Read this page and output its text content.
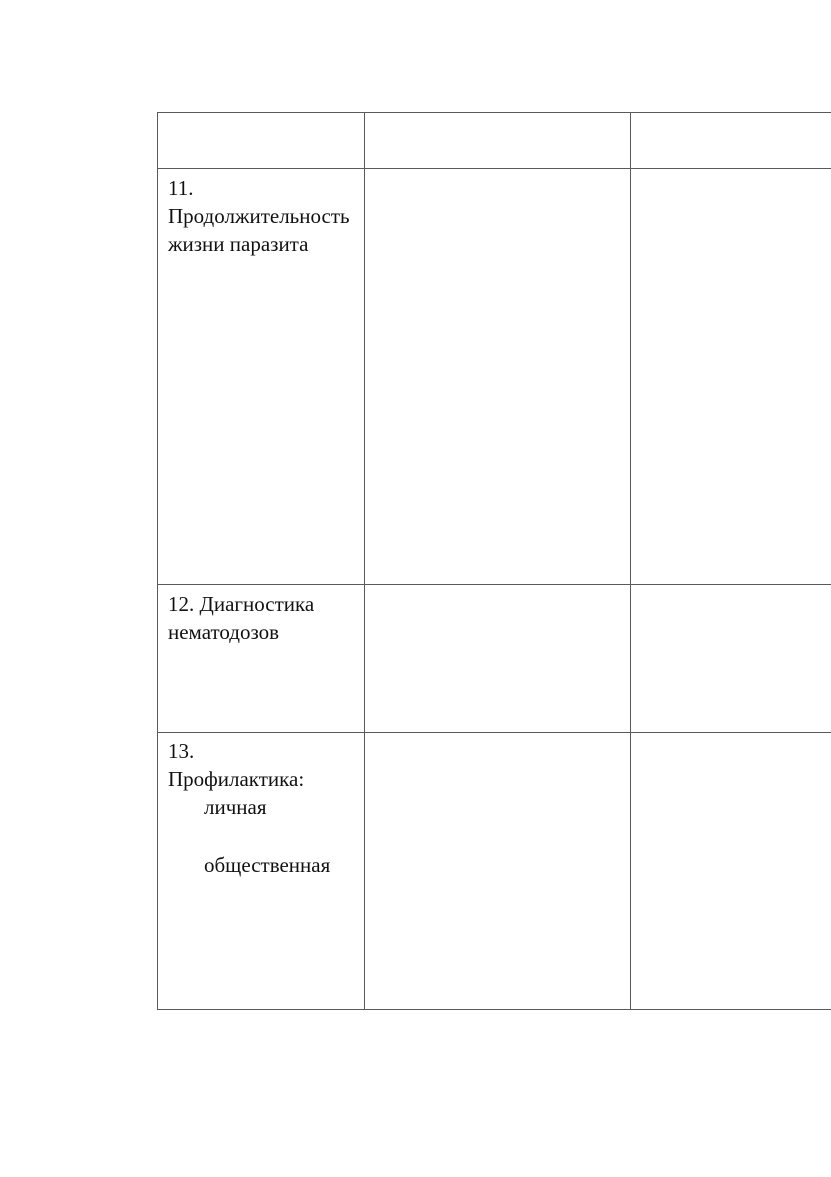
11.
Продолжительность жизни паразита
12. Диагностика нематодозов
13.
Профилактика:
личная
общественная
